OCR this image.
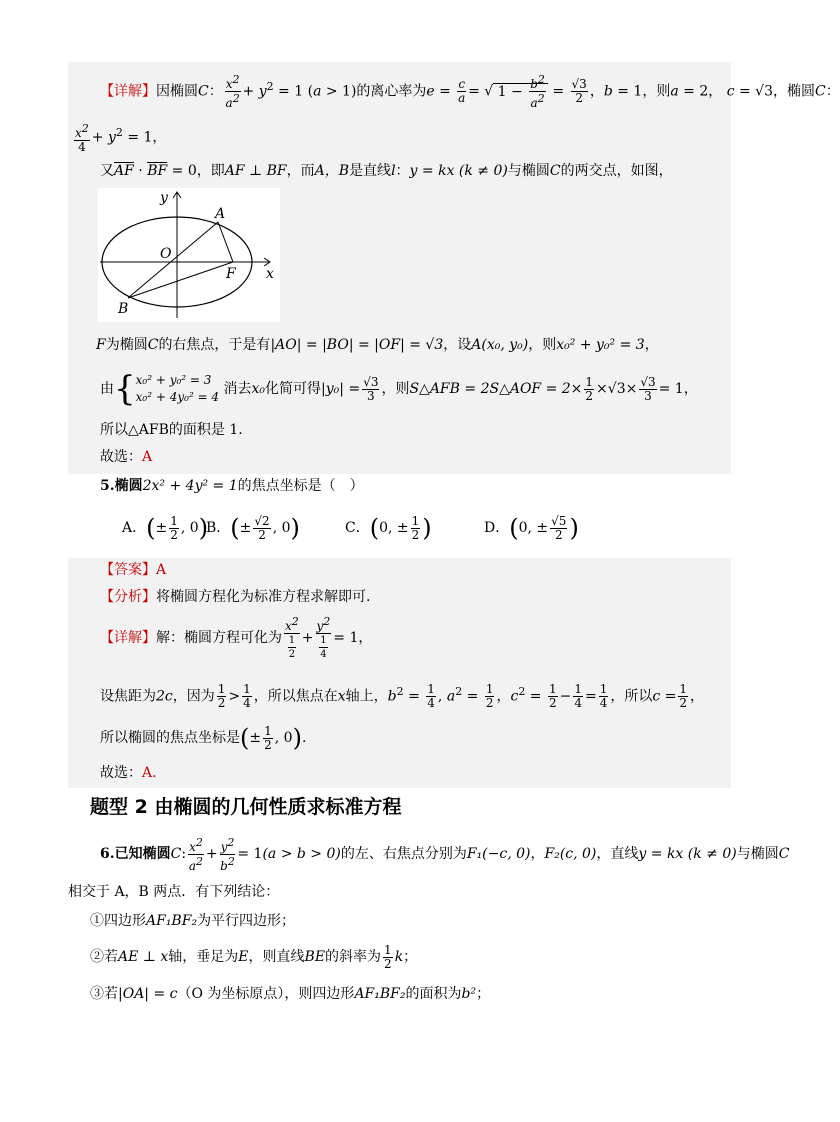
【详解】因椭圆C： $\frac{x^2}{a^2} + y^2 = 1$ (a > 1)的离心率为$e = \frac{c}{a}$ = √ $1 - \frac{b^2}{a^2} = \frac{√3}{2}$ ，b = 1，则a = 2， c = √3，椭圆C：
$\frac{x^2}{4} + y^2 = 1$，
又$\overline{AF} \cdot \overline{BF} = 0$，即AF ⊥ BF，而A，B是直线l：y = kx (k ≠ 0)与椭圆C的两交点，如图，
y
x
A
O
F
B
F为椭圆C的右焦点，于是有|AO| = |BO| = |OF| = √3，设A(x₀, y₀)，则x₀² + y₀² = 3，
由{ x₀² + y₀² = 3
x₀² + 4y₀² = 4 消去x₀化简可得$|y_0| = \frac{√3}{3}$ ，则S△AFB = 2S△AOF = $2\times \frac{1}{2} \times√3\times \frac{√3}{3} = 1$，
所以△AFB的面积是 1.
故选：A
5.椭圆2x² + 4y² = 1的焦点坐标是（　）
A．(± $\frac{1}{2}$ , 0)
B．(± $\frac{√2}{2}$ , 0)	C．(0, ± $\frac{1}{2}$ )	D．(0, ± $\frac{√5}{2}$ )
【答案】A
【分析】将椭圆方程化为标准方程求解即可.
【详解】解：椭圆方程可化为 $\frac{x^2}{\frac{1}{2}} + \frac{y^2}{\frac{1}{4}} = 1$，
设焦距为2c，因为 $\frac{1}{2} > \frac{1}{4}$ ，所以焦点在x轴上，$b^2 = \frac{1}{4}$ , $a^2 = \frac{1}{2}$ ，$c^2 = \frac{1}{2} - \frac{1}{4} = \frac{1}{4}$ ，所以$c = \frac{1}{2}$ ，
所以椭圆的焦点坐标是(± $\frac{1}{2}$ , 0).
故选：A.
题型 2 由椭圆的几何性质求标准方程
6.已知椭圆C: $\frac{x^2}{a^2} + \frac{y^2}{b^2} = 1(a > b > 0)$的左、右焦点分别为F₁(−c, 0)，F₂(c, 0)，直线y = kx (k ≠ 0)与椭圆C
相交于 A，B 两点．有下列结论：
①四边形AF₁BF₂为平行四边形；
②若AE ⊥ x轴，垂足为E，则直线BE的斜率为 $\frac{1}{2}$ k；
③若|OA| = c（O 为坐标原点），则四边形AF₁BF₂的面积为b²；
